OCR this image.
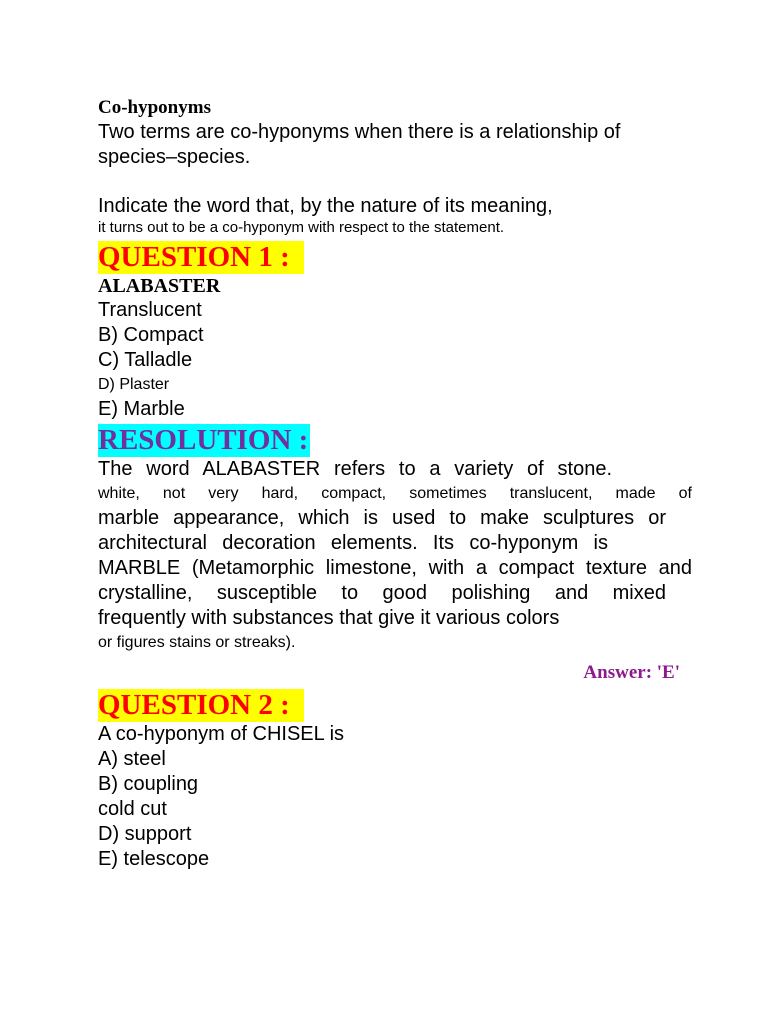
Co-hyponyms

Two terms are co-hyponyms when there is a relationship of

species–species.

Indicate the word that, by the nature of its meaning,

it turns out to be a co-hyponym with respect to the statement.

QUESTION 1 :

ALABASTER

Translucent

B) Compact

C) Talladle

D) Plaster

E) Marble

RESOLUTION :

The word ALABASTER refers to a variety of stone.

white, not very hard, compact, sometimes translucent, made of

marble appearance, which is used to make sculptures or

architectural decoration elements. Its co-hyponym is

MARBLE (Metamorphic limestone, with a compact texture and

crystalline, susceptible to good polishing and mixed

frequently with substances that give it various colors

or figures stains or streaks).

Answer: 'E'

QUESTION 2 :

A co-hyponym of CHISEL is

A) steel

B) coupling

cold cut

D) support

E) telescope
